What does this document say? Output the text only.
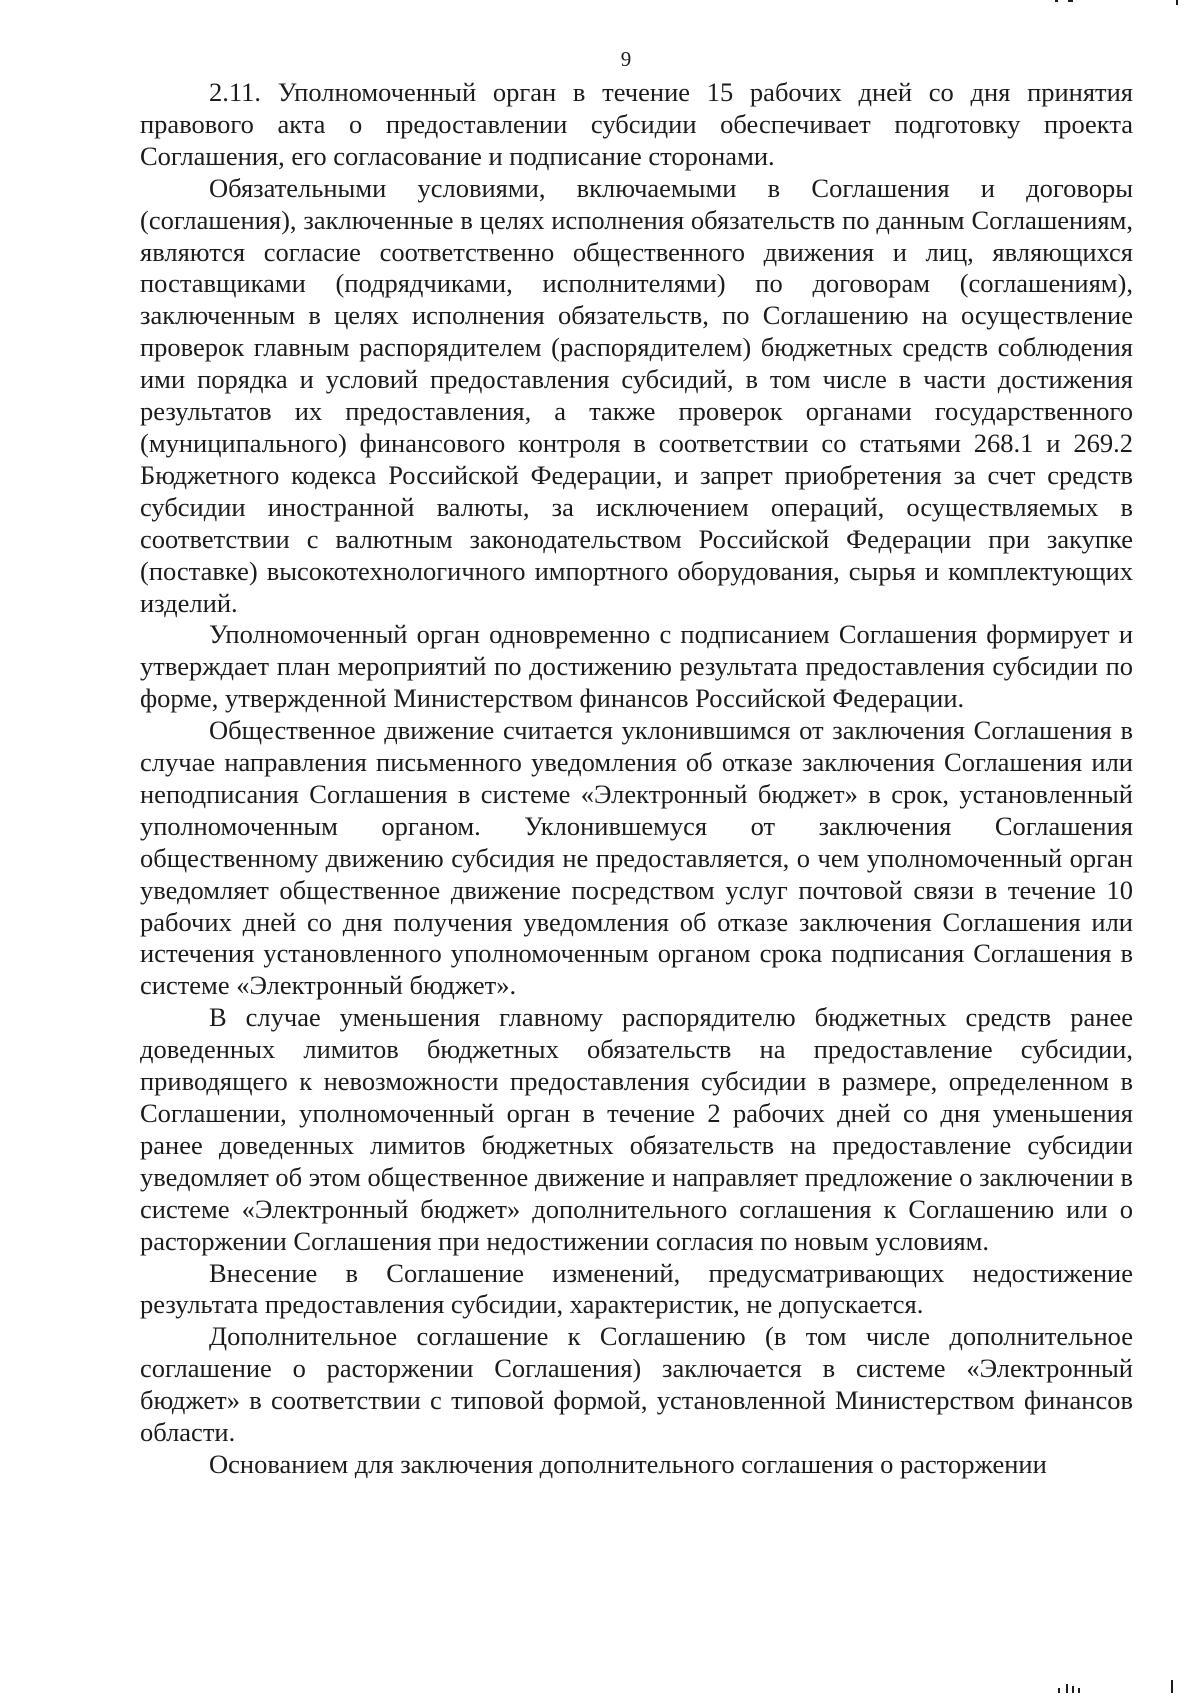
9

2.11. Уполномоченный орган в течение 15 рабочих дней со дня принятия правового акта о предоставлении субсидии обеспечивает подготовку проекта Соглашения, его согласование и подписание сторонами.

Обязательными условиями, включаемыми в Соглашения и договоры (соглашения), заключенные в целях исполнения обязательств по данным Соглашениям, являются согласие соответственно общественного движения и лиц, являющихся поставщиками (подрядчиками, исполнителями) по договорам (соглашениям), заключенным в целях исполнения обязательств, по Соглашению на осуществление проверок главным распорядителем (распорядителем) бюджетных средств соблюдения ими порядка и условий предоставления субсидий, в том числе в части достижения результатов их предоставления, а также проверок органами государственного (муниципального) финансового контроля в соответствии со статьями 268.1 и 269.2 Бюджетного кодекса Российской Федерации, и запрет приобретения за счет средств субсидии иностранной валюты, за исключением операций, осуществляемых в соответствии с валютным законодательством Российской Федерации при закупке (поставке) высокотехнологичного импортного оборудования, сырья и комплектующих изделий.

Уполномоченный орган одновременно с подписанием Соглашения формирует и утверждает план мероприятий по достижению результата предоставления субсидии по форме, утвержденной Министерством финансов Российской Федерации.

Общественное движение считается уклонившимся от заключения Соглашения в случае направления письменного уведомления об отказе заключения Соглашения или неподписания Соглашения в системе «Электронный бюджет» в срок, установленный уполномоченным органом. Уклонившемуся от заключения Соглашения общественному движению субсидия не предоставляется, о чем уполномоченный орган уведомляет общественное движение посредством услуг почтовой связи в течение 10 рабочих дней со дня получения уведомления об отказе заключения Соглашения или истечения установленного уполномоченным органом срока подписания Соглашения в системе «Электронный бюджет».

В случае уменьшения главному распорядителю бюджетных средств ранее доведенных лимитов бюджетных обязательств на предоставление субсидии, приводящего к невозможности предоставления субсидии в размере, определенном в Соглашении, уполномоченный орган в течение 2 рабочих дней со дня уменьшения ранее доведенных лимитов бюджетных обязательств на предоставление субсидии уведомляет об этом общественное движение и направляет предложение о заключении в системе «Электронный бюджет» дополнительного соглашения к Соглашению или о расторжении Соглашения при недостижении согласия по новым условиям.

Внесение в Соглашение изменений, предусматривающих недостижение результата предоставления субсидии, характеристик, не допускается.

Дополнительное соглашение к Соглашению (в том числе дополнительное соглашение о расторжении Соглашения) заключается в системе «Электронный бюджет» в соответствии с типовой формой, установленной Министерством финансов области.

Основанием для заключения дополнительного соглашения о расторжении
